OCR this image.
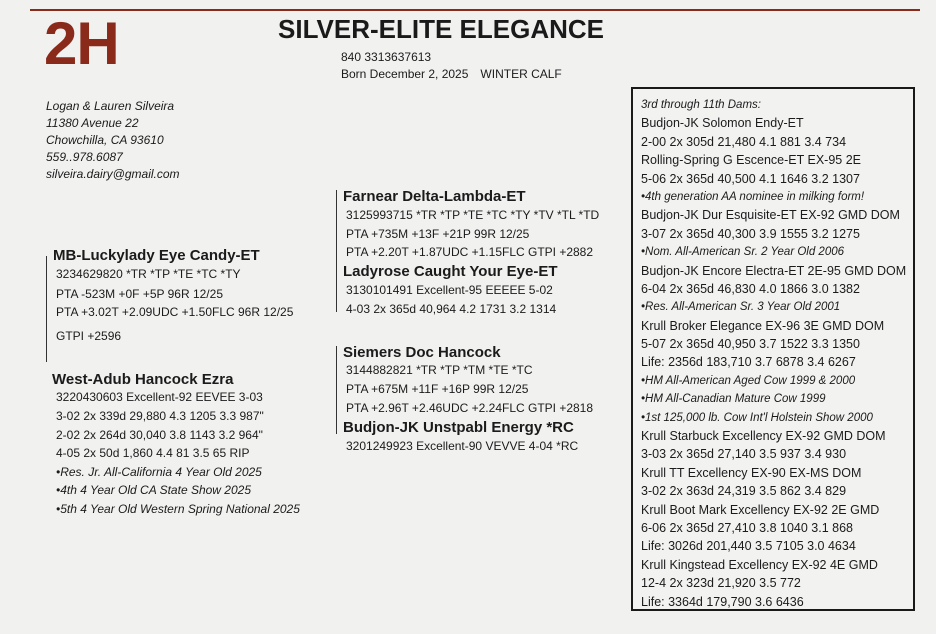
2H	SILVER-ELITE ELEGANCE
840 3313637613
Born December 2, 2025 WINTER CALF
Logan & Lauren Silveira
11380 Avenue 22
Chowchilla, CA 93610
559..978.6087
silveira.dairy@gmail.com
MB-Luckylady Eye Candy-ET
3234629820 *TR *TP *TE *TC *TY
PTA -523M +0F +5P 96R 12/25
PTA +3.02T +2.09UDC +1.50FLC 96R 12/25
GTPI +2596
West-Adub Hancock Ezra
3220430603 Excellent-92 EEVEE 3-03
3-02 2x 339d 29,880 4.3 1205 3.3 987"
2-02 2x 264d 30,040 3.8 1143 3.2 964"
4-05 2x 50d 1,860 4.4 81 3.5 65 RIP
•Res. Jr. All-California 4 Year Old 2025
•4th 4 Year Old CA State Show 2025
•5th 4 Year Old Western Spring National 2025
Farnear Delta-Lambda-ET
3125993715 *TR *TP *TE *TC *TY *TV *TL *TD
PTA +735M +13F +21P 99R 12/25
PTA +2.20T +1.87UDC +1.15FLC GTPI +2882
Ladyrose Caught Your Eye-ET
3130101491 Excellent-95 EEEEE 5-02
4-03 2x 365d 40,964 4.2 1731 3.2 1314
Siemers Doc Hancock
3144882821 *TR *TP *TM *TE *TC
PTA +675M +11F +16P 99R 12/25
PTA +2.96T +2.46UDC +2.24FLC GTPI +2818
Budjon-JK Unstpabl Energy *RC
3201249923 Excellent-90 VEVVE 4-04 *RC
3rd through 11th Dams:
Budjon-JK Solomon Endy-ET
2-00 2x 305d 21,480 4.1 881 3.4 734
Rolling-Spring G Escence-ET EX-95 2E
5-06 2x 365d 40,500 4.1 1646 3.2 1307
•4th generation AA nominee in milking form!
Budjon-JK Dur Esquisite-ET EX-92 GMD DOM
3-07 2x 365d 40,300 3.9 1555 3.2 1275
•Nom. All-American Sr. 2 Year Old 2006
Budjon-JK Encore Electra-ET 2E-95 GMD DOM
6-04 2x 365d 46,830 4.0 1866 3.0 1382
•Res. All-American Sr. 3 Year Old 2001
Krull Broker Elegance EX-96 3E GMD DOM
5-07 2x 365d 40,950 3.7 1522 3.3 1350
Life: 2356d 183,710 3.7 6878 3.4 6267
•HM All-American Aged Cow 1999 & 2000
•HM All-Canadian Mature Cow 1999
•1st 125,000 lb. Cow Int'l Holstein Show 2000
Krull Starbuck Excellency EX-92 GMD DOM
3-03 2x 365d 27,140 3.5 937 3.4 930
Krull TT Excellency EX-90 EX-MS DOM
3-02 2x 363d 24,319 3.5 862 3.4 829
Krull Boot Mark Excellency EX-92 2E GMD
6-06 2x 365d 27,410 3.8 1040 3.1 868
Life: 3026d 201,440 3.5 7105 3.0 4634
Krull Kingstead Excellency EX-92 4E GMD
12-4 2x 323d 21,920 3.5 772
Life: 3364d 179,790 3.6 6436
